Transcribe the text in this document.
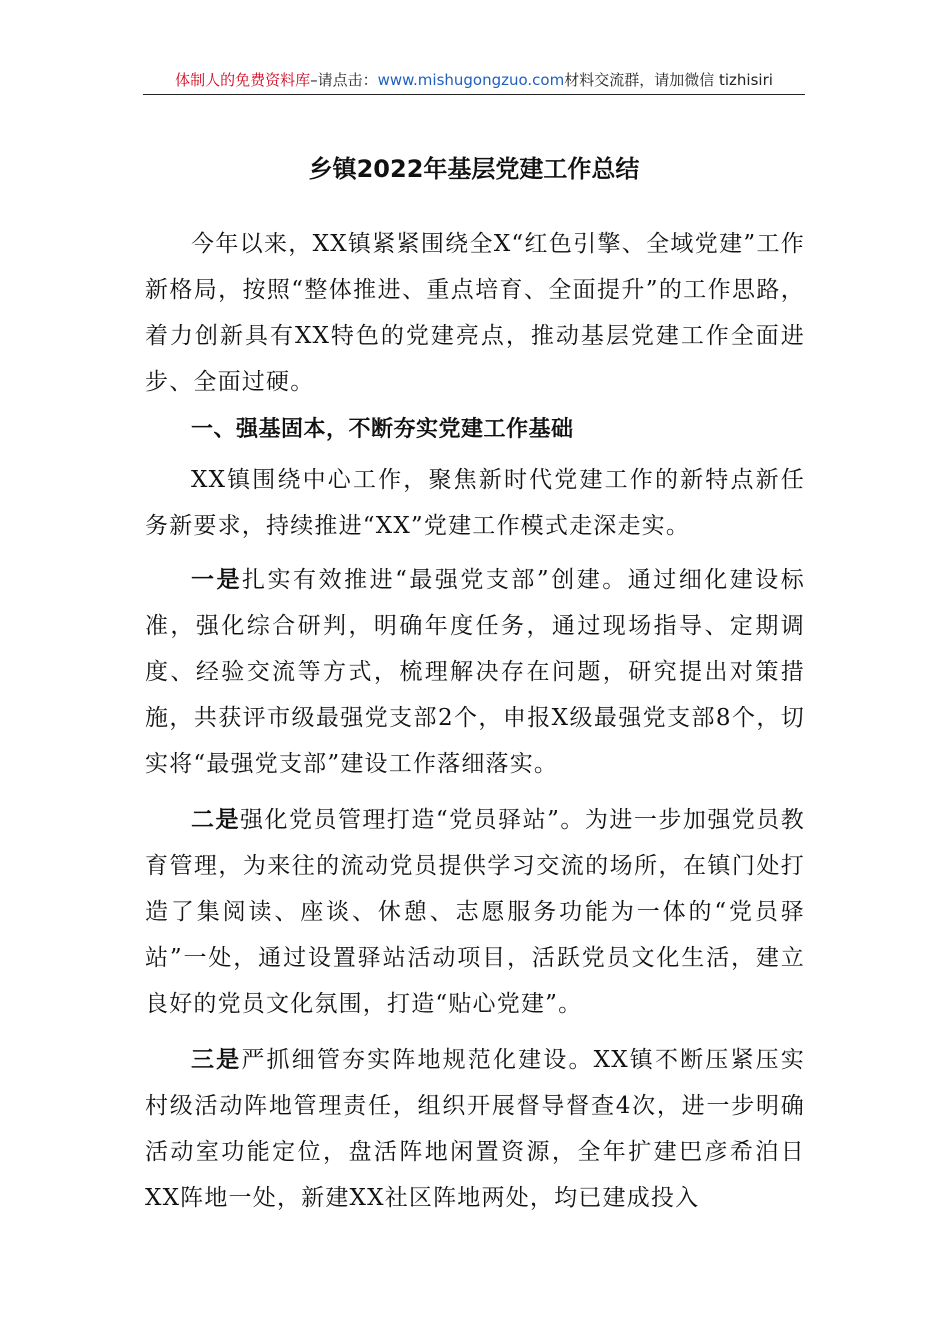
体制人的免费资料库–请点击：www.mishugongzuo.com材料交流群，请加微信 tizhisiri
乡镇2022年基层党建工作总结

今年以来，XX镇紧紧围绕全X“红色引擎、全域党建”工作新格局，按照“整体推进、重点培育、全面提升”的工作思路，着力创新具有XX特色的党建亮点，推动基层党建工作全面进步、全面过硬。

一、强基固本，不断夯实党建工作基础

XX镇围绕中心工作，聚焦新时代党建工作的新特点新任务新要求，持续推进“XX”党建工作模式走深走实。

一是扎实有效推进“最强党支部”创建。通过细化建设标准，强化综合研判，明确年度任务，通过现场指导、定期调度、经验交流等方式，梳理解决存在问题，研究提出对策措施，共获评市级最强党支部2个，申报X级最强党支部8个，切实将“最强党支部”建设工作落细落实。

二是强化党员管理打造“党员驿站”。为进一步加强党员教育管理，为来往的流动党员提供学习交流的场所，在镇门处打造了集阅读、座谈、休憩、志愿服务功能为一体的“党员驿站”一处，通过设置驿站活动项目，活跃党员文化生活，建立良好的党员文化氛围，打造“贴心党建”。

三是严抓细管夯实阵地规范化建设。XX镇不断压紧压实村级活动阵地管理责任，组织开展督导督查4次，进一步明确活动室功能定位，盘活阵地闲置资源，全年扩建巴彦希泊日XX阵地一处，新建XX社区阵地两处，均已建成投入
